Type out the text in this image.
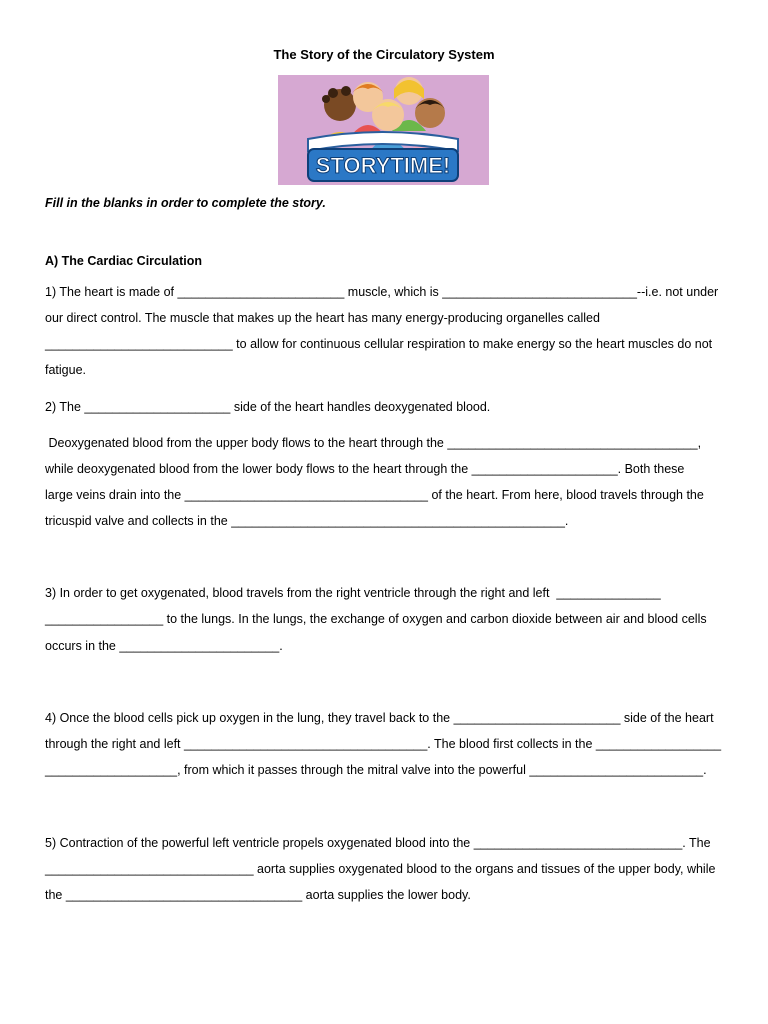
The Story of the Circulatory System
STORYTIME!
Fill in the blanks in order to complete the story.
A) The Cardiac Circulation
1) The heart is made of ________________________ muscle, which is ____________________________--i.e. not under
our direct control. The muscle that makes up the heart has many energy-producing organelles called
___________________________ to allow for continuous cellular respiration to make energy so the heart muscles do not
fatigue.
2) The _____________________ side of the heart handles deoxygenated blood.
Deoxygenated blood from the upper body flows to the heart through the ____________________________________,
while deoxygenated blood from the lower body flows to the heart through the _____________________. Both these
large veins drain into the ___________________________________ of the heart. From here, blood travels through the
tricuspid valve and collects in the ________________________________________________.
3) In order to get oxygenated, blood travels from the right ventricle through the right and left  _______________
_________________ to the lungs. In the lungs, the exchange of oxygen and carbon dioxide between air and blood cells
occurs in the _______________________.
4) Once the blood cells pick up oxygen in the lung, they travel back to the ________________________ side of the heart
through the right and left ___________________________________. The blood first collects in the __________________
___________________, from which it passes through the mitral valve into the powerful _________________________.
5) Contraction of the powerful left ventricle propels oxygenated blood into the ______________________________. The
______________________________ aorta supplies oxygenated blood to the organs and tissues of the upper body, while
the __________________________________ aorta supplies the lower body.
